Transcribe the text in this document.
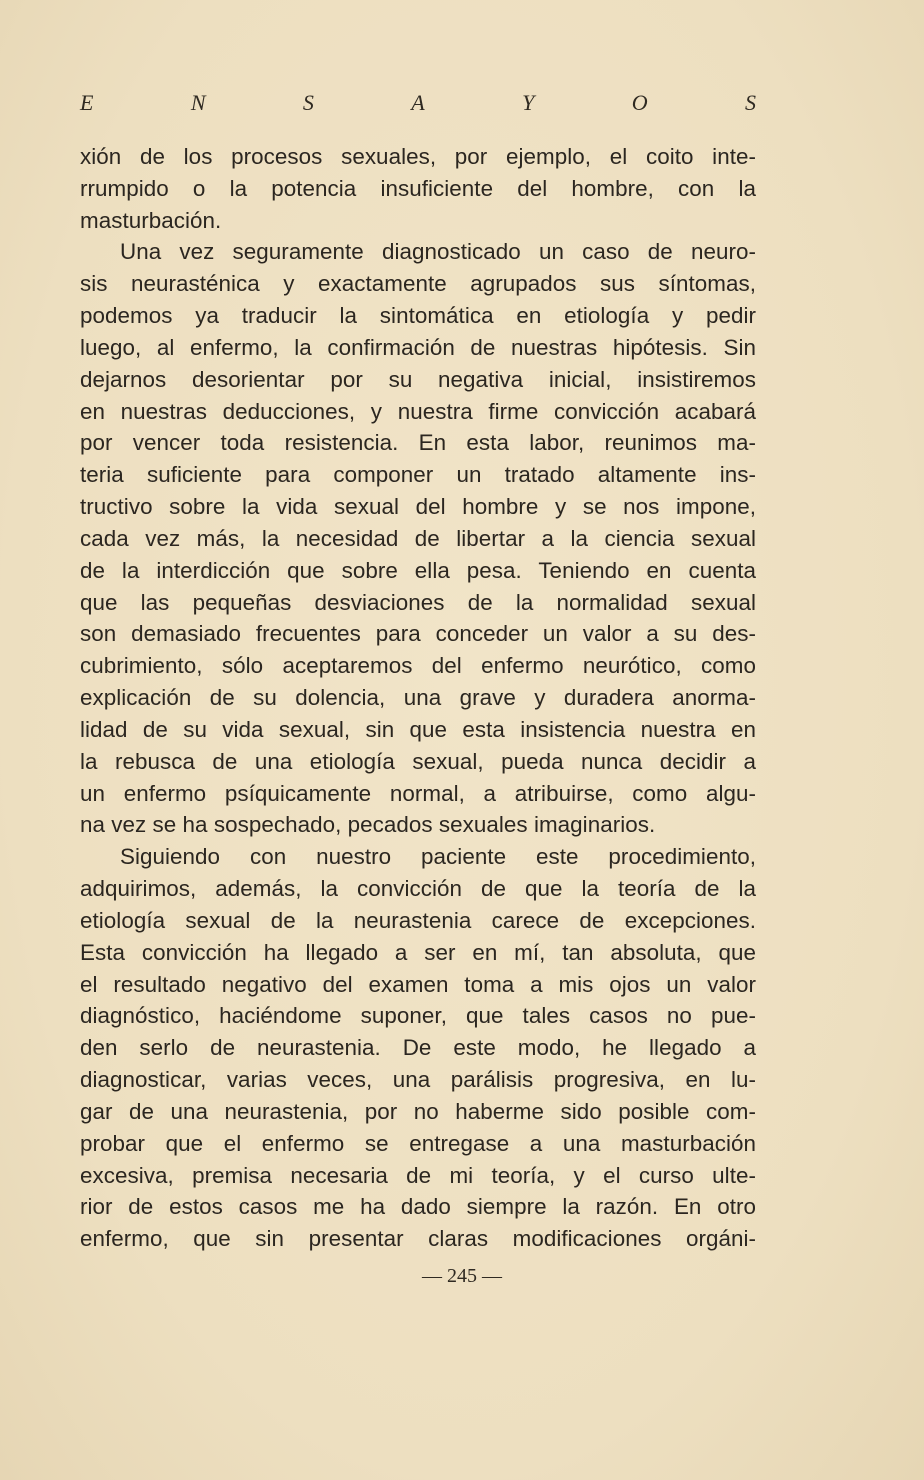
E	N	S	A	Y	O	S
xión de los procesos sexuales, por ejemplo, el coito inte-
rrumpido o la potencia insuficiente del hombre, con la
masturbación.
Una vez seguramente diagnosticado un caso de neuro-
sis neurasténica y exactamente agrupados sus síntomas,
podemos ya traducir la sintomática en etiología y pedir
luego, al enfermo, la confirmación de nuestras hipótesis. Sin
dejarnos desorientar por su negativa inicial, insistiremos
en nuestras deducciones, y nuestra firme convicción acabará
por vencer toda resistencia. En esta labor, reunimos ma-
teria suficiente para componer un tratado altamente ins-
tructivo sobre la vida sexual del hombre y se nos impone,
cada vez más, la necesidad de libertar a la ciencia sexual
de la interdicción que sobre ella pesa. Teniendo en cuenta
que las pequeñas desviaciones de la normalidad sexual
son demasiado frecuentes para conceder un valor a su des-
cubrimiento, sólo aceptaremos del enfermo neurótico, como
explicación de su dolencia, una grave y duradera anorma-
lidad de su vida sexual, sin que esta insistencia nuestra en
la rebusca de una etiología sexual, pueda nunca decidir a
un enfermo psíquicamente normal, a atribuirse, como algu-
na vez se ha sospechado, pecados sexuales imaginarios.
Siguiendo con nuestro paciente este procedimiento,
adquirimos, además, la convicción de que la teoría de la
etiología sexual de la neurastenia carece de excepciones.
Esta convicción ha llegado a ser en mí, tan absoluta, que
el resultado negativo del examen toma a mis ojos un valor
diagnóstico, haciéndome suponer, que tales casos no pue-
den serlo de neurastenia. De este modo, he llegado a
diagnosticar, varias veces, una parálisis progresiva, en lu-
gar de una neurastenia, por no haberme sido posible com-
probar que el enfermo se entregase a una masturbación
excesiva, premisa necesaria de mi teoría, y el curso ulte-
rior de estos casos me ha dado siempre la razón. En otro
enfermo, que sin presentar claras modificaciones orgáni-
— 245 —
